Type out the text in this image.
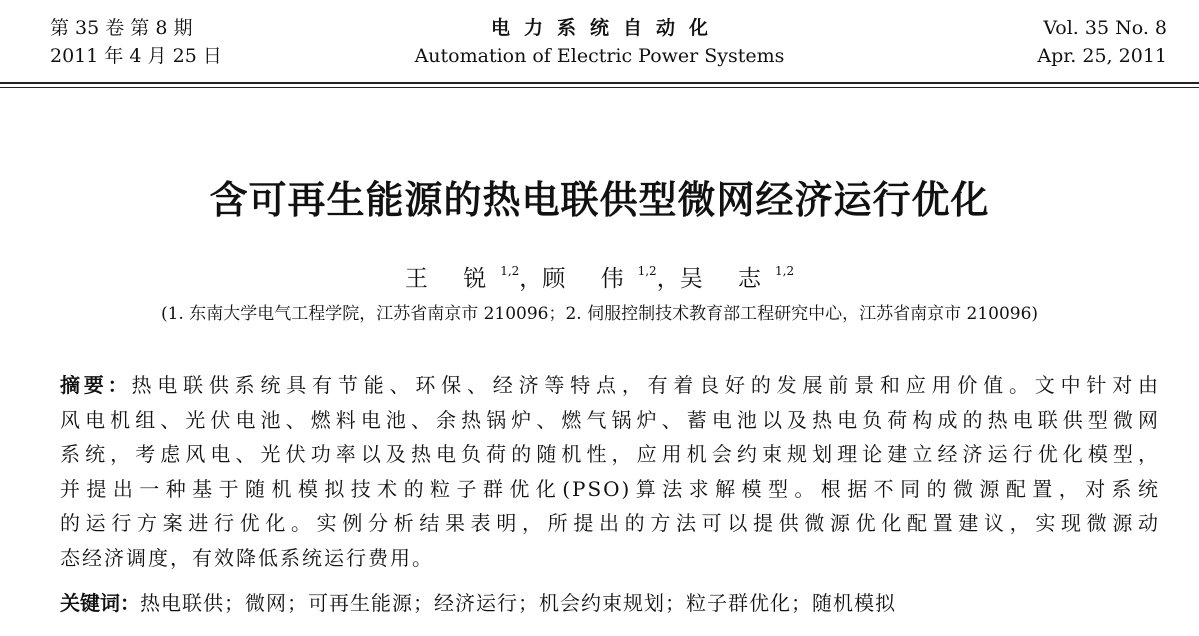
第 35 卷 第 8 期
2011 年 4 月 25 日
电力系统自动化
Automation of Electric Power Systems
Vol. 35 No. 8
Apr. 25, 2011
含可再生能源的热电联供型微网经济运行优化
王 锐$^{1,2}$，顾 伟$^{1,2}$，吴 志$^{1,2}$
(1. 东南大学电气工程学院，江苏省南京市 210096；2. 伺服控制技术教育部工程研究中心，江苏省南京市 210096)
摘要：热电联供系统具有节能、环保、经济等特点，有着良好的发展前景和应用价值。文中针对由
风电机组、光伏电池、燃料电池、余热锅炉、燃气锅炉、蓄电池以及热电负荷构成的热电联供型微网
系统，考虑风电、光伏功率以及热电负荷的随机性，应用机会约束规划理论建立经济运行优化模型，
并提出一种基于随机模拟技术的粒子群优化(PSO)算法求解模型。根据不同的微源配置，对系统
的运行方案进行优化。实例分析结果表明，所提出的方法可以提供微源优化配置建议，实现微源动
态经济调度，有效降低系统运行费用。
关键词：热电联供；微网；可再生能源；经济运行；机会约束规划；粒子群优化；随机模拟
